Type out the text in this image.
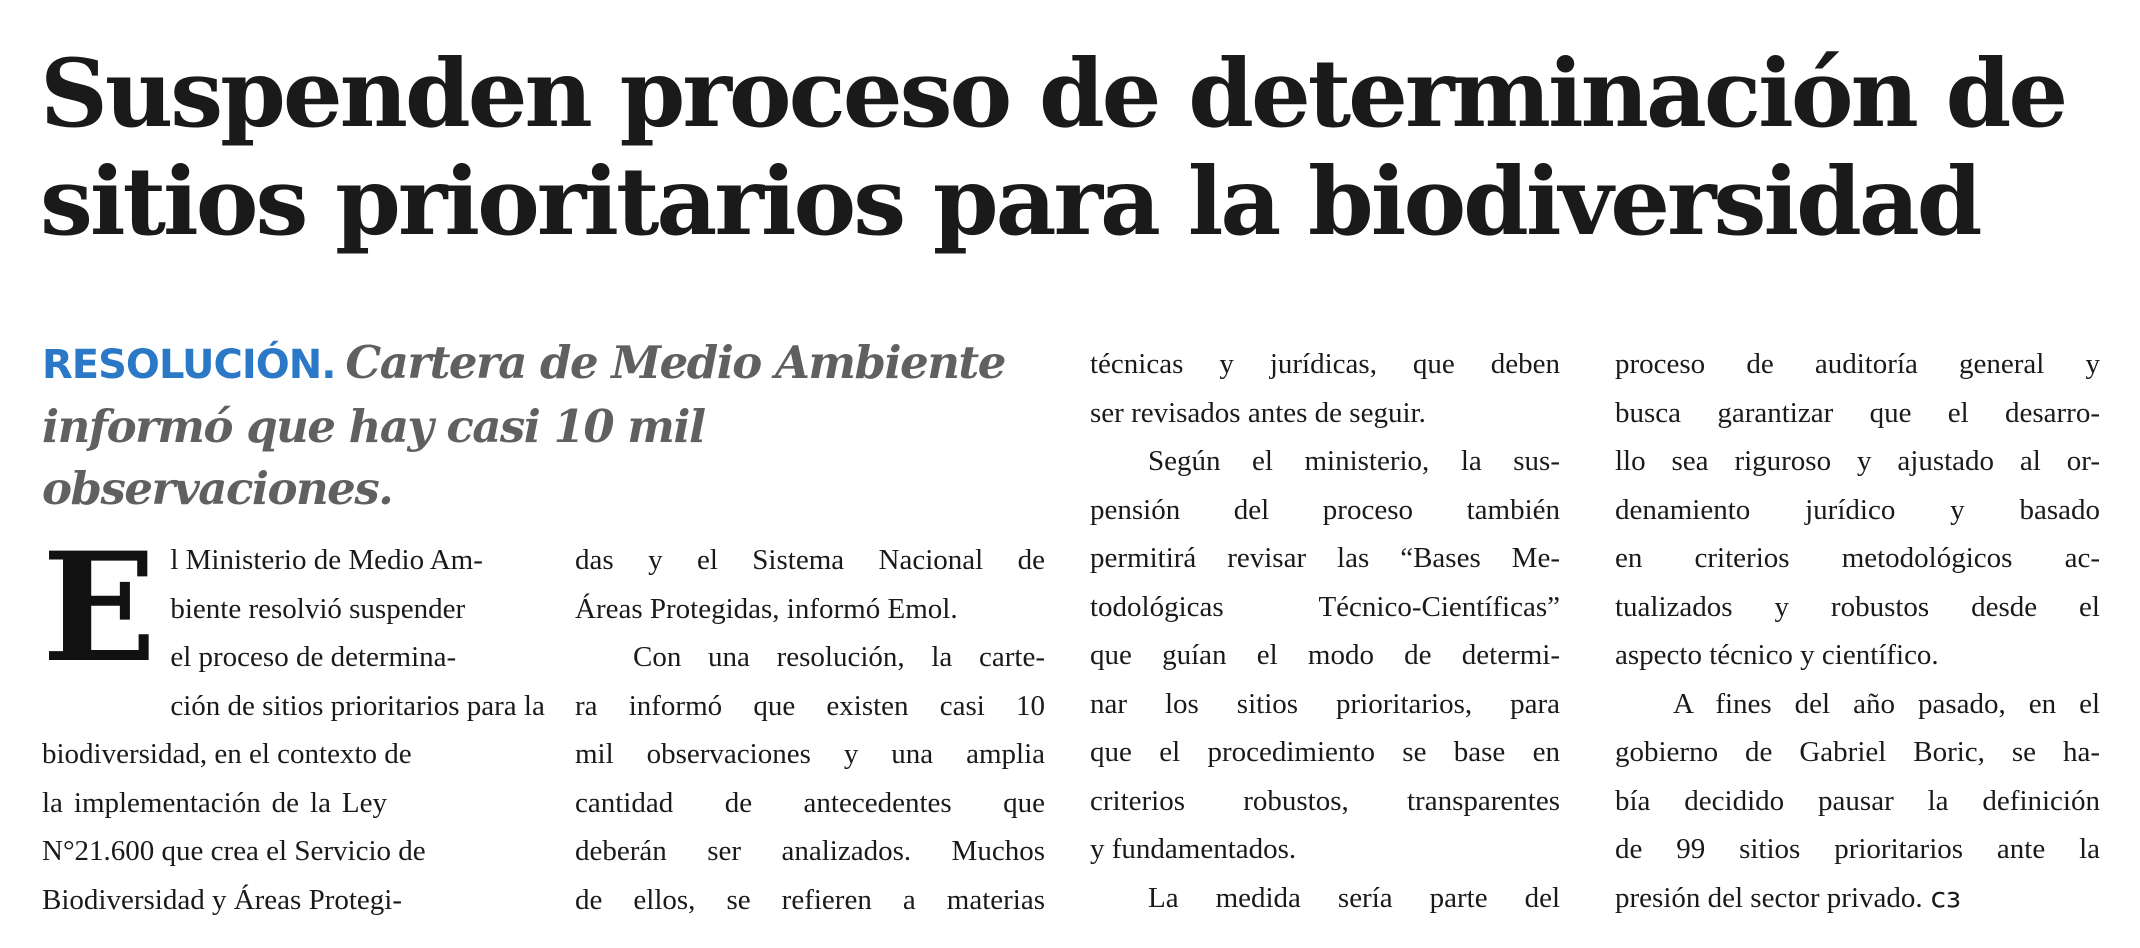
Suspenden proceso de determinación de
sitios prioritarios para la biodiversidad
RESOLUCIÓN. Cartera de Medio Ambiente
informó que hay casi 10 mil observaciones.
E l Ministerio de Medio Am-
biente resolvió suspender
el proceso de determina-
ción de sitios prioritarios para la
biodiversidad, en el contexto de
la implementación de la Ley
N°21.600 que crea el Servicio de
Biodiversidad y Áreas Protegi-
das y el Sistema Nacional de
Áreas Protegidas, informó Emol.
Con una resolución, la carte-
ra informó que existen casi 10
mil observaciones y una amplia
cantidad de antecedentes que
deberán ser analizados. Muchos
de ellos, se refieren a materias
técnicas y jurídicas, que deben
ser revisados antes de seguir.
Según el ministerio, la sus-
pensión del proceso también
permitirá revisar las “Bases Me-
todológicas Técnico-Científicas”
que guían el modo de determi-
nar los sitios prioritarios, para
que el procedimiento se base en
criterios robustos, transparentes
y fundamentados.
La medida sería parte del
proceso de auditoría general y
busca garantizar que el desarro-
llo sea riguroso y ajustado al or-
denamiento jurídico y basado
en criterios metodológicos ac-
tualizados y robustos desde el
aspecto técnico y científico.
A fines del año pasado, en el
gobierno de Gabriel Boric, se ha-
bía decidido pausar la definición
de 99 sitios prioritarios ante la
presión del sector privado. ᴄɜ
